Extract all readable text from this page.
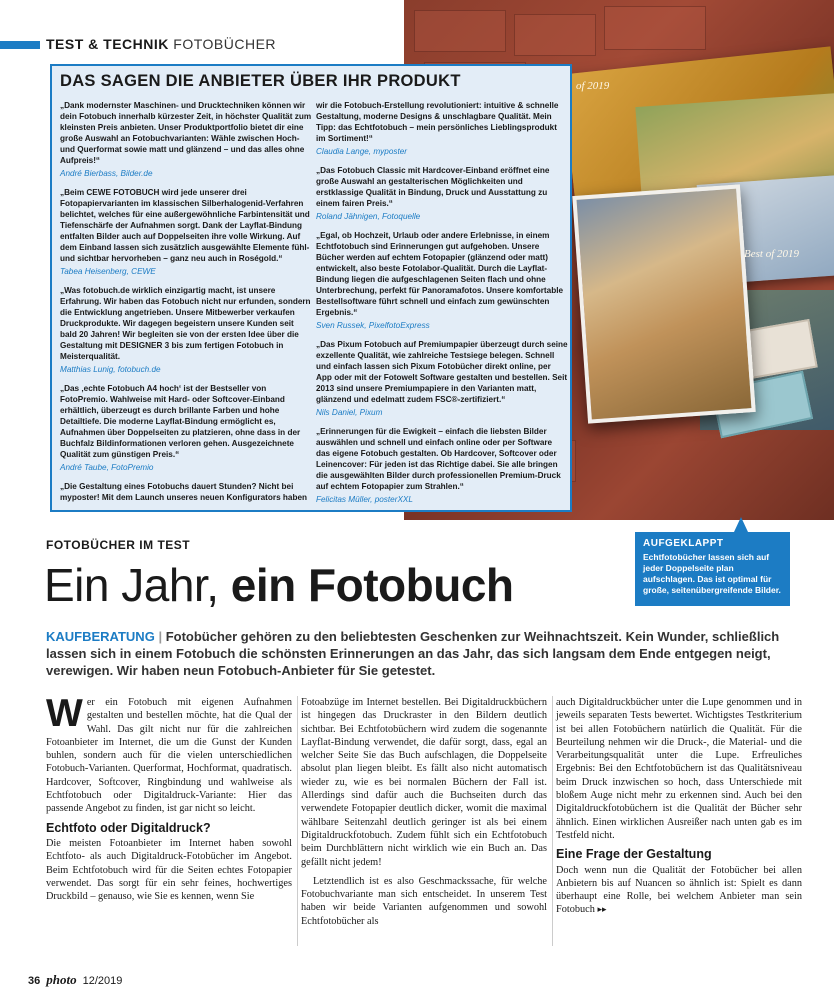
of 2019
Best of 2019
TEST & TECHNIK FOTOBÜCHER
DAS SAGEN DIE ANBIETER ÜBER IHR PRODUKT

„Dank modernster Maschinen- und Drucktechniken können wir dein Fotobuch innerhalb kürzester Zeit, in höchster Qualität zum kleinsten Preis anbieten. Unser Produktportfolio bietet dir eine große Auswahl an Fotobuchvarianten: Wähle zwischen Hoch- und Querformat sowie matt und glänzend – und das alles ohne Aufpreis!“

André Bierbass, Bilder.de

„Beim CEWE FOTOBUCH wird jede unserer drei Fotopapiervarianten im klassischen Silberhalogenid-Verfahren belichtet, welches für eine außergewöhnliche Farbintensität und Tiefenschärfe der Aufnahmen sorgt. Dank der Layflat-Bindung entfalten Bilder auch auf Doppelseiten ihre volle Wirkung. Auf dem Einband lassen sich zusätzlich ausgewählte Elemente fühl- und sichtbar hervorheben – ganz neu auch in Roségold.“

Tabea Heisenberg, CEWE

„Was fotobuch.de wirklich einzigartig macht, ist unsere Erfahrung. Wir haben das Fotobuch nicht nur erfunden, sondern die Entwicklung angetrieben. Unsere Mitbewerber verkaufen Druckprodukte. Wir dagegen begeistern unsere Kunden seit bald 20 Jahren! Wir begleiten sie von der ersten Idee über die Gestaltung mit DESIGNER 3 bis zum fertigen Fotobuch in Meisterqualität.

Matthias Lunig, fotobuch.de

„Das ‚echte Fotobuch A4 hoch‘ ist der Bestseller von FotoPremio. Wahlweise mit Hard- oder Softcover-Einband erhältlich, überzeugt es durch brillante Farben und hohe Detailtiefe. Die moderne Layflat-Bindung ermöglicht es, Aufnahmen über Doppelseiten zu platzieren, ohne dass in der Buchfalz Bildinformationen verloren gehen. Ausgezeichnete Qualität zum günstigen Preis.“

André Taube, FotoPremio

„Die Gestaltung eines Fotobuchs dauert Stunden? Nicht bei myposter! Mit dem Launch unseres neuen Konfigurators haben

wir die Fotobuch-Erstellung revolutioniert: intuitive & schnelle Gestaltung, moderne Designs & unschlagbare Qualität. Mein Tipp: das Echtfotobuch – mein persönliches Lieblingsprodukt im Sortiment!“

Claudia Lange, myposter

„Das Fotobuch Classic mit Hardcover-Einband eröffnet eine große Auswahl an gestalterischen Möglichkeiten und erstklassige Qualität in Bindung, Druck und Ausstattung zu einem fairen Preis.“

Roland Jähnigen, Fotoquelle

„Egal, ob Hochzeit, Urlaub oder andere Erlebnisse, in einem Echtfotobuch sind Erinnerungen gut aufgehoben. Unsere Bücher werden auf echtem Fotopapier (glänzend oder matt) entwickelt, also beste Fotolabor-Qualität. Durch die Layflat-Bindung liegen die aufgeschlagenen Seiten flach und ohne Unterbrechung, perfekt für Panoramafotos. Unsere komfortable Bestellsoftware führt schnell und einfach zum gewünschten Ergebnis.“

Sven Russek, PixelfotoExpress

„Das Pixum Fotobuch auf Premiumpapier überzeugt durch seine exzellente Qualität, wie zahlreiche Testsiege belegen. Schnell und einfach lassen sich Pixum Fotobücher direkt online, per App oder mit der Fotowelt Software gestalten und bestellen. Seit 2013 sind unsere Premiumpapiere in den Varianten matt, glänzend und edelmatt zudem FSC®-zertifiziert.“

Nils Daniel, Pixum

„Erinnerungen für die Ewigkeit – einfach die liebsten Bilder auswählen und schnell und einfach online oder per Software das eigene Fotobuch gestalten. Ob Hardcover, Softcover oder Leinencover: Für jeden ist das Richtige dabei. Sie alle bringen die ausgewählten Bilder durch professionellen Premium-Druck auf echtem Fotopapier zum Strahlen.“

Felicitas Müller, posterXXL

AUFGEKLAPPT
Echtfotobücher lassen sich auf jeder Doppelseite plan aufschlagen. Das ist optimal für große, seitenübergreifende Bilder.
FOTOBÜCHER IM TEST
Ein Jahr, ein Fotobuch
KAUFBERATUNG | Fotobücher gehören zu den beliebtesten Geschenken zur Weihnachtszeit. Kein Wunder, schließlich lassen sich in einem Fotobuch die schönsten Erinnerungen an das Jahr, das sich langsam dem Ende entgegen neigt, verewigen. Wir haben neun Fotobuch-Anbieter für Sie getestet.

Wer ein Fotobuch mit eigenen Aufnahmen gestalten und bestellen möchte, hat die Qual der Wahl. Das gilt nicht nur für die zahlreichen Fotoanbieter im Internet, die um die Gunst der Kunden buhlen, sondern auch für die vielen unterschiedlichen Fotobuch-Varianten. Querformat, Hochformat, quadratisch. Hardcover, Softcover, Ringbindung und wahlweise als Echtfotobuch oder Digitaldruck-Variante: Hier das passende Angebot zu finden, ist gar nicht so leicht.

Echtfoto oder Digitaldruck?

Die meisten Fotoanbieter im Internet haben sowohl Echtfoto- als auch Digitaldruck-Fotobücher im Angebot. Beim Echtfotobuch wird für die Seiten echtes Fotopapier verwendet. Das sorgt für ein sehr feines, hochwertiges Druckbild – genauso, wie Sie es kennen, wenn Sie

Fotoabzüge im Internet bestellen. Bei Digitaldruckbüchern ist hingegen das Druckraster in den Bildern deutlich sichtbar. Bei Echtfotobüchern wird zudem die sogenannte Layflat-Bindung verwendet, die dafür sorgt, dass, egal an welcher Seite Sie das Buch aufschlagen, die Doppelseite absolut plan liegen bleibt. Es fällt also nicht automatisch wieder zu, wie es bei normalen Büchern der Fall ist. Allerdings sind dafür auch die Buchseiten durch das verwendete Fotopapier deutlich dicker, womit die maximal wählbare Seitenzahl deutlich geringer ist als bei einem Digitaldruckfotobuch. Zudem fühlt sich ein Echtfotobuch beim Durchblättern nicht wirklich wie ein Buch an. Das gefällt nicht jedem!

Letztendlich ist es also Geschmackssache, für welche Fotobuchvariante man sich entscheidet. In unserem Test haben wir beide Varianten aufgenommen und sowohl Echtfotobücher als

auch Digitaldruckbücher unter die Lupe genommen und in jeweils separaten Tests bewertet. Wichtigstes Testkriterium ist bei allen Fotobüchern natürlich die Qualität. Für die Beurteilung nehmen wir die Druck-, die Material- und die Verarbeitungsqualität unter die Lupe. Erfreuliches Ergebnis: Bei den Echtfotobüchern ist das Qualitätsniveau beim Druck inzwischen so hoch, dass Unterschiede mit bloßem Auge nicht mehr zu erkennen sind. Auch bei den Digitaldruckfotobüchern ist die Qualität der Bücher sehr ähnlich. Einen wirklichen Ausreißer nach unten gab es im Testfeld nicht.

Eine Frage der Gestaltung

Doch wenn nun die Qualität der Fotobücher bei allen Anbietern bis auf Nuancen so ähnlich ist: Spielt es dann überhaupt eine Rolle, bei welchem Anbieter man sein Fotobuch ▸▸

36 photo 12/2019
